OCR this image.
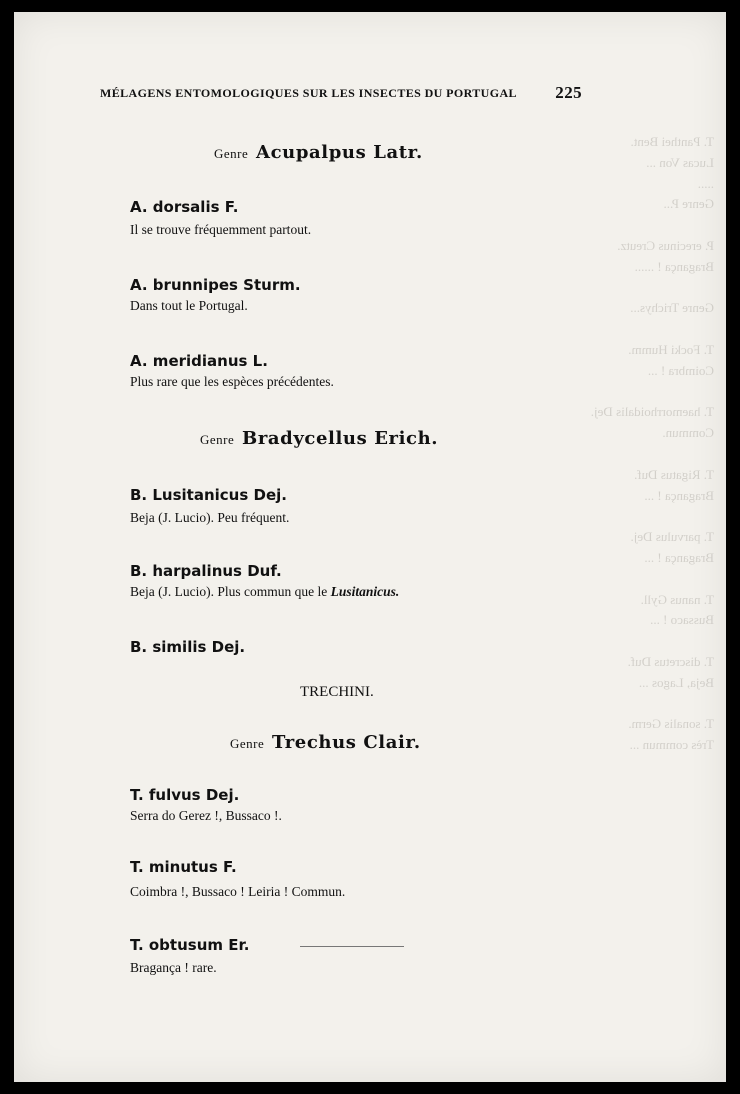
T. Panthei Bent.
Lucas Von ...
.....
Genre P...

P. erecinus Creutz.
Bragança ! ......

Genre Trichys...

T. Focki Humm.
Coimbra ! ...

T. haemorrhoidalis Dej.
Commun.

T. Rigatus Duf.
Bragança ! ...

T. parvulus Dej.
Bragança ! ...

T. nanus Gyll.
Bussaco ! ...

T. discretus Duf.
Beja, Lagos ...

T. sonalis Germ.
Très commun ...
MÉLAGENS ENTOMOLOGIQUES SUR LES INSECTES DU PORTUGAL 225
Genre Acupalpus Latr.
A. dorsalis F.
Il se trouve fréquemment partout.
A. brunnipes Sturm.
Dans tout le Portugal.
A. meridianus L.
Plus rare que les espèces précédentes.
Genre Bradycellus Erich.
B. Lusitanicus Dej.
Beja (J. Lucio). Peu fréquent.
B. harpalinus Duf.
Beja (J. Lucio). Plus commun que le Lusitanicus.
B. similis Dej.
TRECHINI.
Genre Trechus Clair.
T. fulvus Dej.
Serra do Gerez !, Bussaco !.
T. minutus F.
Coimbra !, Bussaco ! Leiria ! Commun.
T. obtusum Er.
Bragança ! rare.
